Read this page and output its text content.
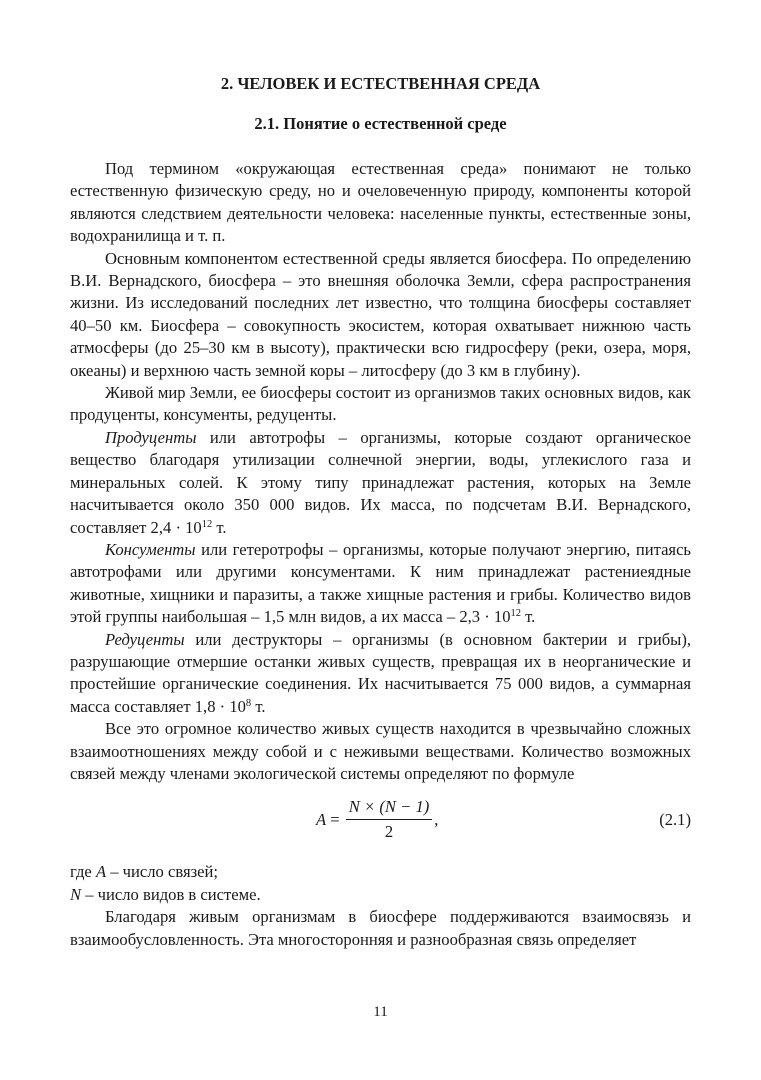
2. ЧЕЛОВЕК И ЕСТЕСТВЕННАЯ СРЕДА
2.1. Понятие о естественной среде

Под термином «окружающая естественная среда» понимают не только естественную физическую среду, но и очеловеченную природу, компоненты которой являются следствием деятельности человека: населенные пункты, естественные зоны, водохранилища и т. п.

Основным компонентом естественной среды является биосфера. По определению В.И. Вернадского, биосфера – это внешняя оболочка Земли, сфера распространения жизни. Из исследований последних лет известно, что толщина биосферы составляет 40–50 км. Биосфера – совокупность экосистем, которая охватывает нижнюю часть атмосферы (до 25–30 км в высоту), практически всю гидросферу (реки, озера, моря, океаны) и верхнюю часть земной коры – литосферу (до 3 км в глубину).

Живой мир Земли, ее биосферы состоит из организмов таких основных видов, как продуценты, консументы, редуценты.

Продуценты или автотрофы – организмы, которые создают органическое вещество благодаря утилизации солнечной энергии, воды, углекислого газа и минеральных солей. К этому типу принадлежат растения, которых на Земле насчитывается около 350 000 видов. Их масса, по подсчетам В.И. Вернадского, составляет $2,4 \cdot 10^{12}$ т.

Консументы или гетеротрофы – организмы, которые получают энергию, питаясь автотрофами или другими консументами. К ним принадлежат растениеядные животные, хищники и паразиты, а также хищные растения и грибы. Количество видов этой группы наибольшая – 1,5 млн видов, а их масса – $2,3 \cdot 10^{12}$ т.

Редуценты или деструкторы – организмы (в основном бактерии и грибы), разрушающие отмершие останки живых существ, превращая их в неорганические и простейшие органические соединения. Их насчитывается 75 000 видов, а суммарная масса составляет $1,8 \cdot 10^8$ т.

Все это огромное количество живых существ находится в чрезвычайно сложных взаимоотношениях между собой и с неживыми веществами. Количество возможных связей между членами экологической системы определяют по формуле

$A = \frac{N \times (N - 1)}{2}$ ,	(2.1)

где A – число связей;

N – число видов в системе.

Благодаря живым организмам в биосфере поддерживаются взаимосвязь и взаимообусловленность. Эта многосторонняя и разнообразная связь определяет

11
